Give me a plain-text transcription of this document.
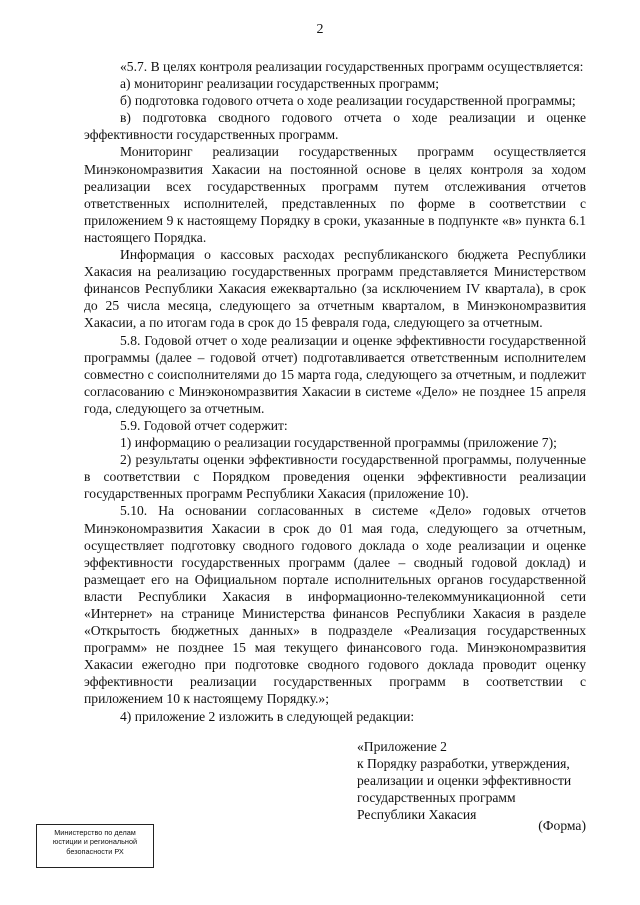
2

«5.7. В целях контроля реализации государственных программ осуществляется:

а) мониторинг реализации государственных программ;

б) подготовка годового отчета о ходе реализации государственной программы;

в) подготовка сводного годового отчета о ходе реализации и оценке эффективности государственных программ.

Мониторинг реализации государственных программ осуществляется Минэкономразвития Хакасии на постоянной основе в целях контроля за ходом реализации всех государственных программ путем отслеживания отчетов ответственных исполнителей, представленных по форме в соответствии с приложением 9 к настоящему Порядку в сроки, указанные в подпункте «в» пункта 6.1 настоящего Порядка.

Информация о кассовых расходах республиканского бюджета Республики Хакасия на реализацию государственных программ представляется Министерством финансов Республики Хакасия ежеквартально (за исключением IV квартала), в срок до 25 числа месяца, следующего за отчетным кварталом, в Минэкономразвития Хакасии, а по итогам года в срок до 15 февраля года, следующего за отчетным.

5.8. Годовой отчет о ходе реализации и оценке эффективности государственной программы (далее – годовой отчет) подготавливается ответственным исполнителем совместно с соисполнителями до 15 марта года, следующего за отчетным, и подлежит согласованию с Минэкономразвития Хакасии в системе «Дело» не позднее 15 апреля года, следующего за отчетным.

5.9. Годовой отчет содержит:

1) информацию о реализации государственной программы (приложение 7);

2) результаты оценки эффективности государственной программы, полученные в соответствии с Порядком проведения оценки эффективности реализации государственных программ Республики Хакасия (приложение 10).

5.10. На основании согласованных в системе «Дело» годовых отчетов Минэкономразвития Хакасии в срок до 01 мая года, следующего за отчетным, осуществляет подготовку сводного годового доклада о ходе реализации и оценке эффективности государственных программ (далее – сводный годовой доклад) и размещает его на Официальном портале исполнительных органов государственной власти Республики Хакасия в информационно-телекоммуникационной сети «Интернет» на странице Министерства финансов Республики Хакасия в разделе «Открытость бюджетных данных» в подразделе «Реализация государственных программ» не позднее 15 мая текущего финансового года. Минэкономразвития Хакасии ежегодно при подготовке сводного годового доклада проводит оценку эффективности реализации государственных программ в соответствии с приложением 10 к настоящему Порядку.»;

4) приложение 2 изложить в следующей редакции:

«Приложение 2

к Порядку разработки, утверждения,

реализации и оценки эффективности

государственных программ

Республики Хакасия

(Форма)
Министерство по делам
юстиции и региональной
безопасности РХ
